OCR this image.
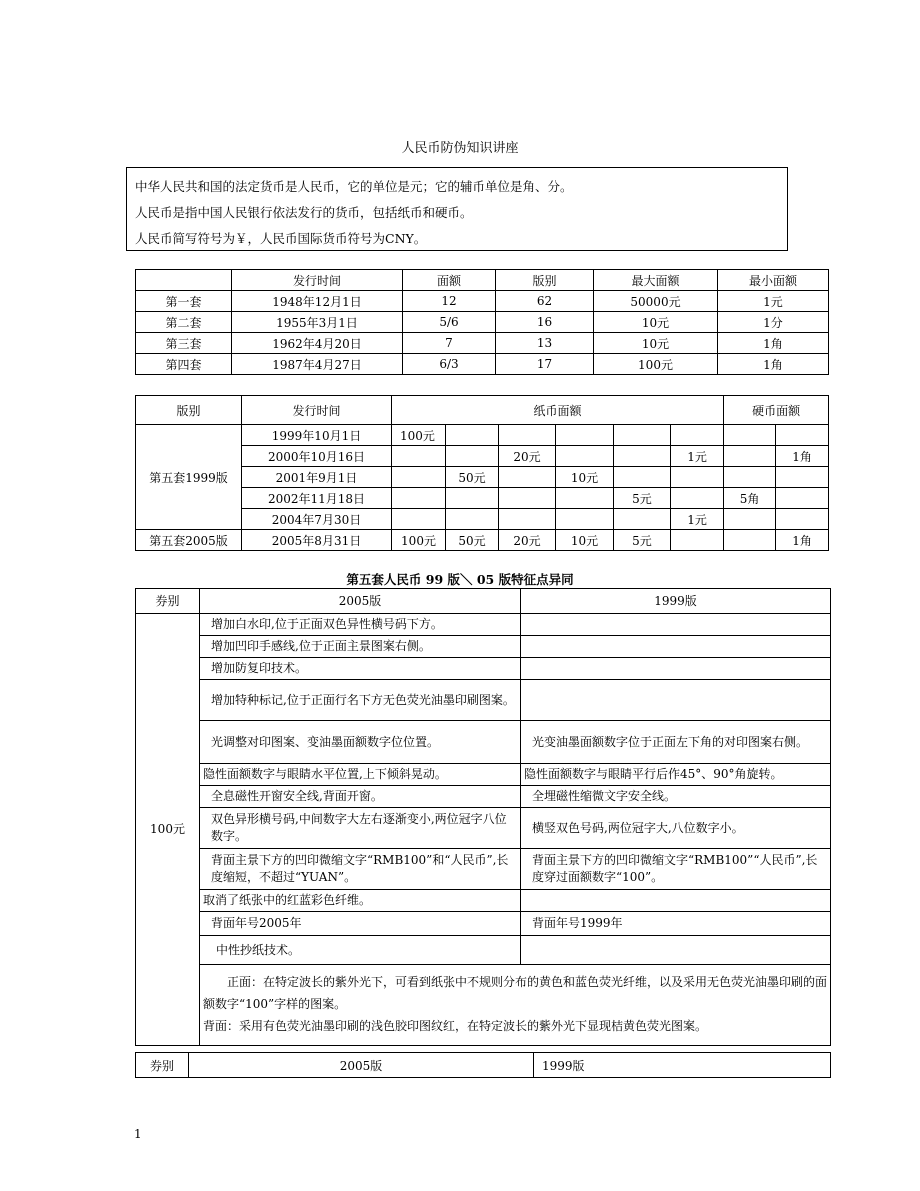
人民币防伪知识讲座
中华人民共和国的法定货币是人民币，它的单位是元；它的辅币单位是角、分。
人民币是指中国人民银行依法发行的货币，包括纸币和硬币。
人民币简写符号为￥，人民币国际货币符号为CNY。
	发行时间	面额	版别	最大面额	最小面额
第一套	1948年12月1日	12	62	50000元	1元
第二套	1955年3月1日	5/6	16	10元	1分
第三套	1962年4月20日	7	13	10元	1角
第四套	1987年4月27日	6/3	17	100元	1角
版别	发行时间	纸币面额						硬币面额	
第五套1999版	1999年10月1日	100元							
	2000年10月16日			20元			1元		1角
	2001年9月1日		50元		10元				
	2002年11月18日					5元		5角	
	2004年7月30日						1元		
第五套2005版	2005年8月31日	100元	50元	20元	10元	5元			1角
第五套人民币 99 版＼ 05 版特征点异同
券别	2005版	1999版
100元	增加白水印,位于正面双色异性横号码下方。	
	增加凹印手感线,位于正面主景图案右侧。	
	增加防复印技术。	
	增加特种标记,位于正面行名下方无色荧光油墨印刷图案。	
	光调整对印图案、变油墨面额数字位位置。	光变油墨面额数字位于正面左下角的对印图案右侧。
	隐性面额数字与眼睛水平位置,上下倾斜晃动。	隐性面额数字与眼睛平行后作45°、90°角旋转。
	全息磁性开窗安全线,背面开窗。	全埋磁性缩微文字安全线。
	双色异形横号码,中间数字大左右逐渐变小,两位冠字八位数字。	横竖双色号码,两位冠字大,八位数字小。
	背面主景下方的凹印微缩文字“RMB100”和“人民币”,长度缩短，不超过“YUAN”。	背面主景下方的凹印微缩文字“RMB100”“人民币”,长度穿过面额数字“100”。
	取消了纸张中的红蓝彩色纤维。	
	背面年号2005年	背面年号1999年
	中性抄纸技术。	

	正面：在特定波长的紫外光下，可看到纸张中不规则分布的黄色和蓝色荧光纤维，以及采用无色荧光油墨印刷的面额数字“100”字样的图案。
背面：采用有色荧光油墨印刷的浅色胶印图纹红，在特定波长的紫外光下显现桔黄色荧光图案。	
券别	2005版	1999版
1
